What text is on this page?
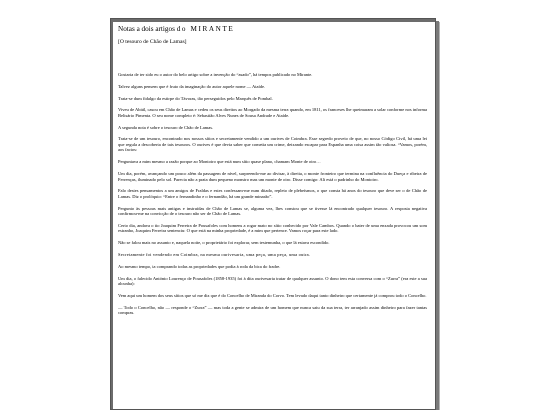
Notas a dois artigos do MIRANTE

[O tesouro de Chão de Lamas]

Gostaria de ter sido eu o autor do belo artigo sobre a invenção do “asado”, há tempos publicado no Mirante.

Talvez alguns pensem que é fruto da imaginação do autor aquele nome — Ataíde.

Trata-se dum fidalgo da estirpe do Távoras, tão perseguidos pelo Marquês de Pombal.

Viveu de Abiúl, casou em Chão de Lamas e cedeu os seus direitos ao Morgado da mesma terra quando, em 1811, os franceses lhe queimaram a solar conforme nos informa Belisário Pimenta. O seu nome completo é: Sebastião Alves Nunes de Sousa Andrade e Ataíde.

A segunda nota é sobre o tesouro de Chão de Lamas.

Trata-se de um tesouro, encontrado nos nossos sítios e secretamente vendido a um ourives de Coimbra. Esse segredo proveio de que, no nosso Código Civil, há uma lei que regula a descoberta de tais tesouros. O ourives é que devia saber que cometia um crime, deixando escapar para Espanha uma coisa assim tão valiosa. “Vamos, porém, aos factos:

Perguntava a mim mesmo a razão porque ao Montoiro que está num sítio quase plano, chamam Monte de oiro…

Um dia, porém, avançando um pouco além da passagem de nível, surpreendo-me ao divisar, à direita, o monte fronteiro que termina na confluência do Dueça e ribeira de Ferrenças, iluminado pelo sol. Parecia não a prata dum pequeno monstro mas um monte de oiro. Disse comigo: Ali está o padrinho do Montoiro.

Falo destes pensamentos a um amigos de Fraldas e estes confessam-me num ditado, repleto de plebeísmos, o que consta há anos do tesouro que deve ser o de Chão de Lamas. Diz o prolóquio: “Entre o fernandinho e o fernandão, há um grande minarão”.

Pergunto às pessoas mais antigas e instruídas de Chão de Lamas se, alguma vez, lhes constou que se tivesse lá encontrado qualquer tesouro. A resposta negativa confirmou-me na convicção de o tesouro não ser de Chão de Lamas.

Certo dia, andava o tio Joaquim Ferreira de Pousafoles com homens a rogar mato no sítio conhecido por Vale Cambos. Quando o bater de uma enxada provocou um som estranho, Joaquim Ferreira sentenciu: O que está na minha propriedade, é a mim que pertence. Vamos roçar para este lado.

Não se falou mais no assunto e, naquela noite, o proprietário foi explorar, sem testemunha, o que lá estava escondido.

Secretamente foi vendendo em Coimbra, na mesma ourivesaria, uma peça, uma peça, uma outra.

Ao mesmo tempo, ia comprando todas as propriedades que podia à roda da bica do fradre.

Um dia, o falecido António Lourenço de Pousafoles (1858-1935) foi à dita ourivesaria tratar de qualquer assunto. O dono tem esta conversa com o “Zurra” (era este a sua alcunha):

Vem aqui um homem dos seus sítios que só me diz que é do Concelho de Miranda do Corvo. Tem levado daqui tanto dinheiro que certamente já comprou todo o Concelho.

— Todo o Concelho, não — responde o “Zurra” — mas toda a gente se admira de um homem que nunca saiu da sua terra, ter arranjado assim dinheiro para fazer tantas compras.
